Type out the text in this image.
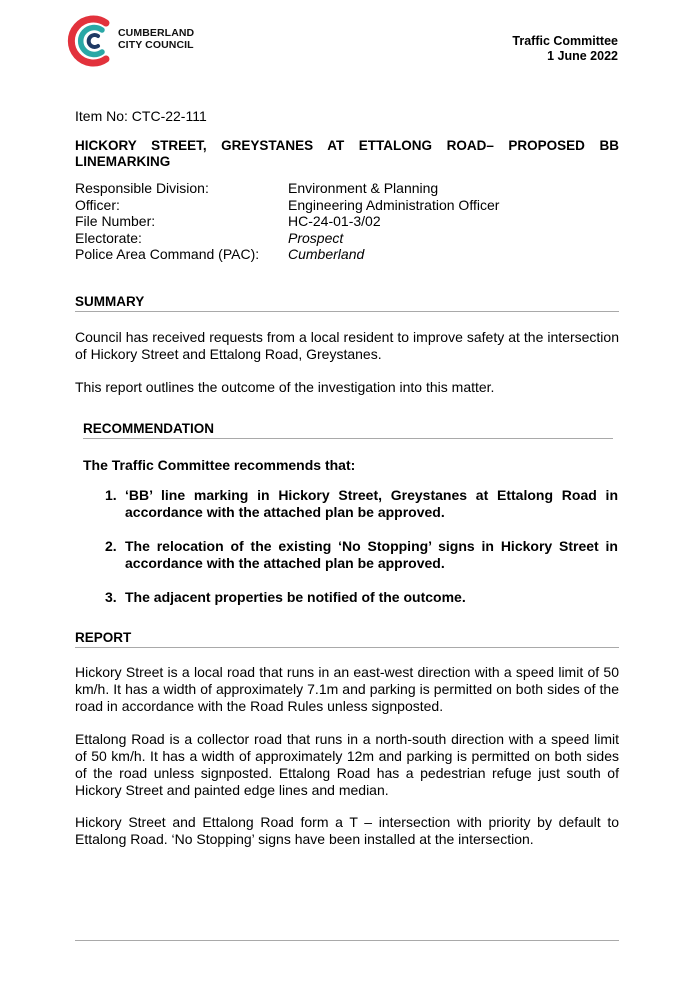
CUMBERLAND
CITY COUNCIL	Traffic Committee
1 June 2022
Item No: CTC-22-111
HICKORY STREET, GREYSTANES AT ETTALONG ROAD– PROPOSED BB LINEMARKING
Responsible Division:	Environment & Planning
Officer:	Engineering Administration Officer
File Number:	HC-24-01-3/02
Electorate:	Prospect
Police Area Command (PAC):	Cumberland
SUMMARY
Council has received requests from a local resident to improve safety at the intersection of Hickory Street and Ettalong Road, Greystanes.
This report outlines the outcome of the investigation into this matter.
RECOMMENDATION
The Traffic Committee recommends that:
1. ‘BB’ line marking in Hickory Street, Greystanes at Ettalong Road in accordance with the attached plan be approved.
2. The relocation of the existing ‘No Stopping’ signs in Hickory Street in accordance with the attached plan be approved.
3. The adjacent properties be notified of the outcome.
REPORT
Hickory Street is a local road that runs in an east-west direction with a speed limit of 50 km/h. It has a width of approximately 7.1m and parking is permitted on both sides of the road in accordance with the Road Rules unless signposted.
Ettalong Road is a collector road that runs in a north-south direction with a speed limit of 50 km/h. It has a width of approximately 12m and parking is permitted on both sides of the road unless signposted. Ettalong Road has a pedestrian refuge just south of Hickory Street and painted edge lines and median.
Hickory Street and Ettalong Road form a T – intersection with priority by default to Ettalong Road. ‘No Stopping’ signs have been installed at the intersection.
